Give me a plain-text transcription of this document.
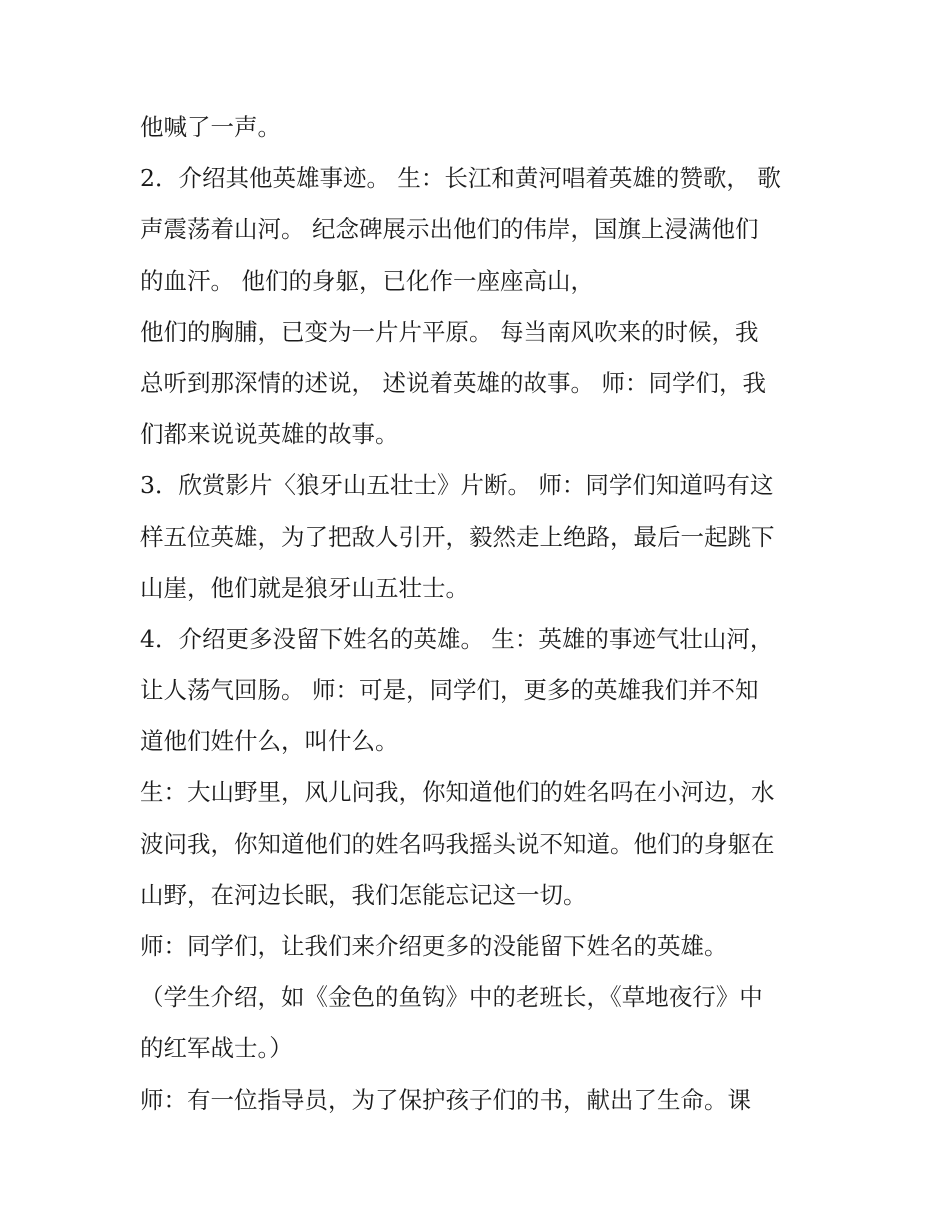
他喊了一声。
2．介绍其他英雄事迹。 生：长江和黄河唱着英雄的赞歌， 歌
声震荡着山河。 纪念碑展示出他们的伟岸，国旗上浸满他们
的血汗。 他们的身躯，已化作一座座高山，
他们的胸脯，已变为一片片平原。 每当南风吹来的时候，我
总听到那深情的述说， 述说着英雄的故事。 师：同学们，我
们都来说说英雄的故事。
3．欣赏影片〈狼牙山五壮士》片断。 师：同学们知道吗有这
样五位英雄，为了把敌人引开，毅然走上绝路，最后一起跳下
山崖，他们就是狼牙山五壮士。
4．介绍更多没留下姓名的英雄。 生：英雄的事迹气壮山河，
让人荡气回肠。 师：可是，同学们，更多的英雄我们并不知
道他们姓什么，叫什么。
生：大山野里，风儿问我，你知道他们的姓名吗在小河边，水
波问我，你知道他们的姓名吗我摇头说不知道。他们的身躯在
山野，在河边长眠，我们怎能忘记这一切。
师：同学们，让我们来介绍更多的没能留下姓名的英雄。
（学生介绍，如《金色的鱼钩》中的老班长，《草地夜行》中
的红军战士。）
师：有一位指导员，为了保护孩子们的书，献出了生命。课
